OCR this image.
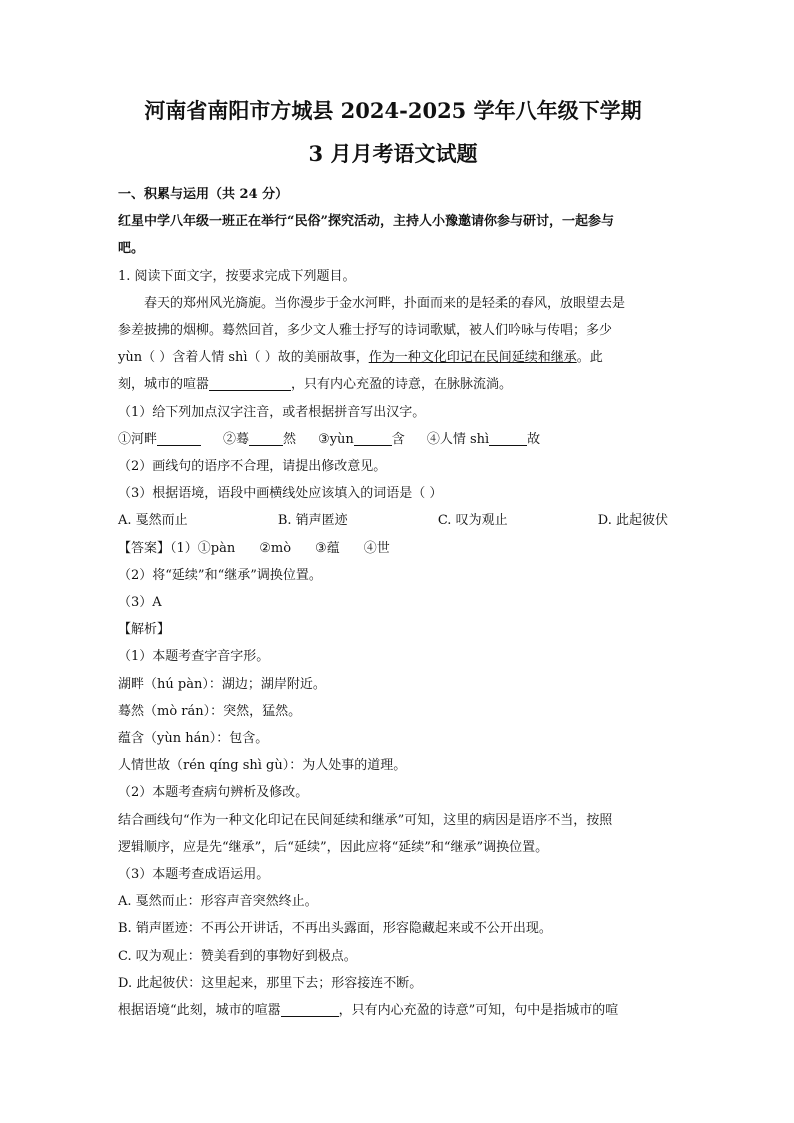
河南省南阳市方城县 2024-2025 学年八年级下学期
3 月月考语文试题

一、积累与运用（共 24 分）

红星中学八年级一班正在举行“民俗”探究活动，主持人小豫邀请你参与研讨，一起参与

吧。

1. 阅读下面文字，按要求完成下列题目。

春天的郑州风光旖旎。当你漫步于金水河畔，扑面而来的是轻柔的春风，放眼望去是

参差披拂的烟柳。蓦然回首，多少文人雅士抒写的诗词歌赋，被人们吟咏与传唱；多少

yùn（ ）含着人情 shì（ ）故的美丽故事，作为一种文化印记在民间延续和继承。此

刻，城市的喧嚣	，只有内心充盈的诗意，在脉脉流淌。

（1）给下列加点汉字注音，或者根据拼音写出汉字。

①河畔	②蓦	然 ③yùn	含 ④人情 shì	故

（2）画线句的语序不合理，请提出修改意见。

（3）根据语境，语段中画横线处应该填入的词语是（ ）

A. 戛然而止	B. 销声匿迹	C. 叹为观止	D. 此起彼伏

【答案】（1）①pàn ②mò ③蕴 ④世

（2）将“延续”和“继承”调换位置。

（3）A

【解析】

（1）本题考查字音字形。

湖畔（hú pàn）：湖边；湖岸附近。

蓦然（mò rán）：突然，猛然。

蕴含（yùn hán）：包含。

人情世故（rén qíng shì gù）：为人处事的道理。

（2）本题考查病句辨析及修改。

结合画线句“作为一种文化印记在民间延续和继承”可知，这里的病因是语序不当，按照

逻辑顺序，应是先“继承”，后“延续”，因此应将“延续”和“继承”调换位置。

（3）本题考查成语运用。

A. 戛然而止：形容声音突然终止。

B. 销声匿迹：不再公开讲话，不再出头露面，形容隐藏起来或不公开出现。

C. 叹为观止：赞美看到的事物好到极点。

D. 此起彼伏：这里起来，那里下去；形容接连不断。

根据语境“此刻，城市的喧嚣	，只有内心充盈的诗意”可知，句中是指城市的喧
